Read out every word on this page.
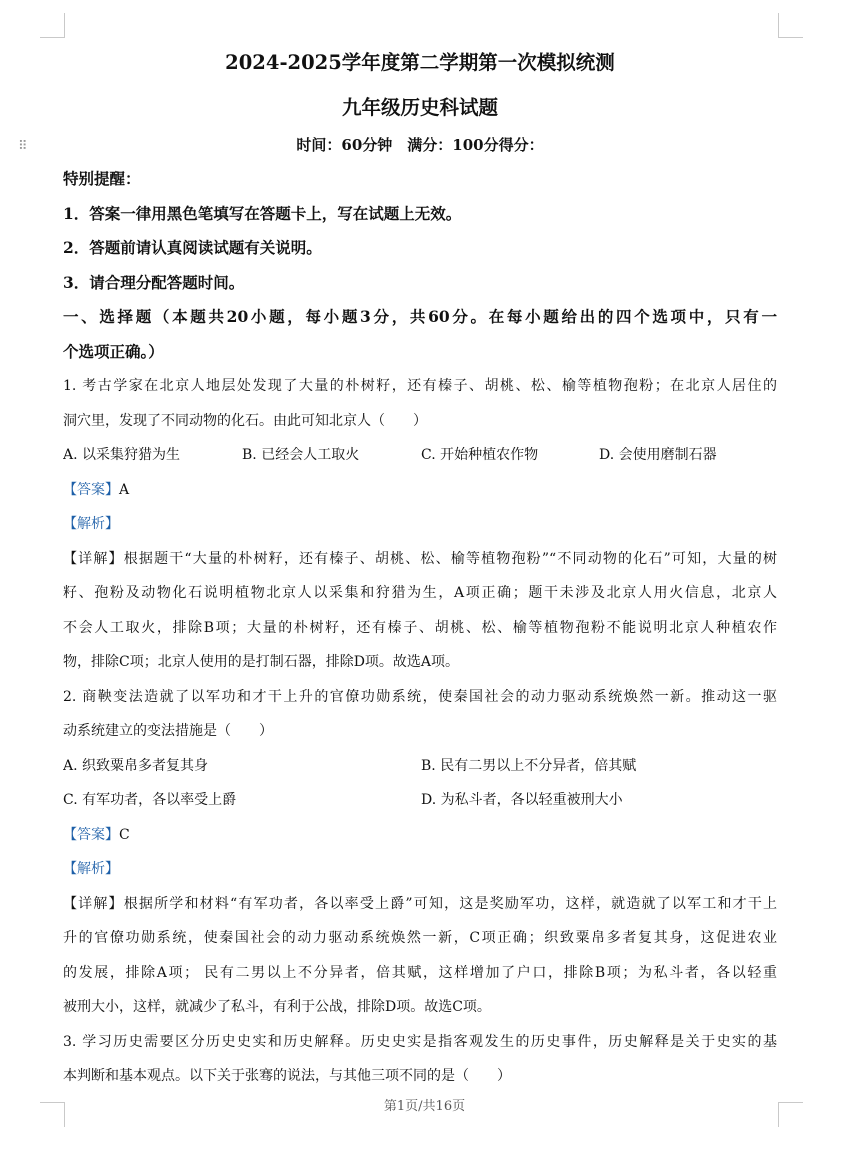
⠿
2024-2025学年度第二学期第一次模拟统测
九年级历史科试题
时间：60分钟　满分：100分得分：
特别提醒：
1．答案一律用黑色笔填写在答题卡上，写在试题上无效。
2．答题前请认真阅读试题有关说明。
3．请合理分配答题时间。
一、选择题（本题共20小题，每小题3分，共60分。在每小题给出的四个选项中，只有一
个选项正确。）
1. 考古学家在北京人地层处发现了大量的朴树籽，还有榛子、胡桃、松、榆等植物孢粉；在北京人居住的
洞穴里，发现了不同动物的化石。由此可知北京人（　　）
A. 以采集狩猎为生	B. 已经会人工取火	C. 开始种植农作物	D. 会使用磨制石器
【答案】A
【解析】
【详解】根据题干“大量的朴树籽，还有榛子、胡桃、松、榆等植物孢粉”“不同动物的化石”可知，大量的树
籽、孢粉及动物化石说明植物北京人以采集和狩猎为生，A项正确；题干未涉及北京人用火信息，北京人
不会人工取火，排除B项；大量的朴树籽，还有榛子、胡桃、松、榆等植物孢粉不能说明北京人种植农作
物，排除C项；北京人使用的是打制石器，排除D项。故选A项。
2. 商鞅变法造就了以军功和才干上升的官僚功勋系统，使秦国社会的动力驱动系统焕然一新。推动这一驱
动系统建立的变法措施是（　　）
A. 织致粟帛多者复其身	B. 民有二男以上不分异者，倍其赋
C. 有军功者，各以率受上爵	D. 为私斗者，各以轻重被刑大小
【答案】C
【解析】
【详解】根据所学和材料“有军功者，各以率受上爵”可知，这是奖励军功，这样，就造就了以军工和才干上
升的官僚功勋系统，使秦国社会的动力驱动系统焕然一新，C项正确；织致粟帛多者复其身，这促进农业
的发展，排除A项； 民有二男以上不分异者，倍其赋，这样增加了户口，排除B项；为私斗者，各以轻重
被刑大小，这样，就减少了私斗，有利于公战，排除D项。故选C项。
3. 学习历史需要区分历史史实和历史解释。历史史实是指客观发生的历史事件，历史解释是关于史实的基
本判断和基本观点。以下关于张骞的说法，与其他三项不同的是（　　）
第1页/共16页
